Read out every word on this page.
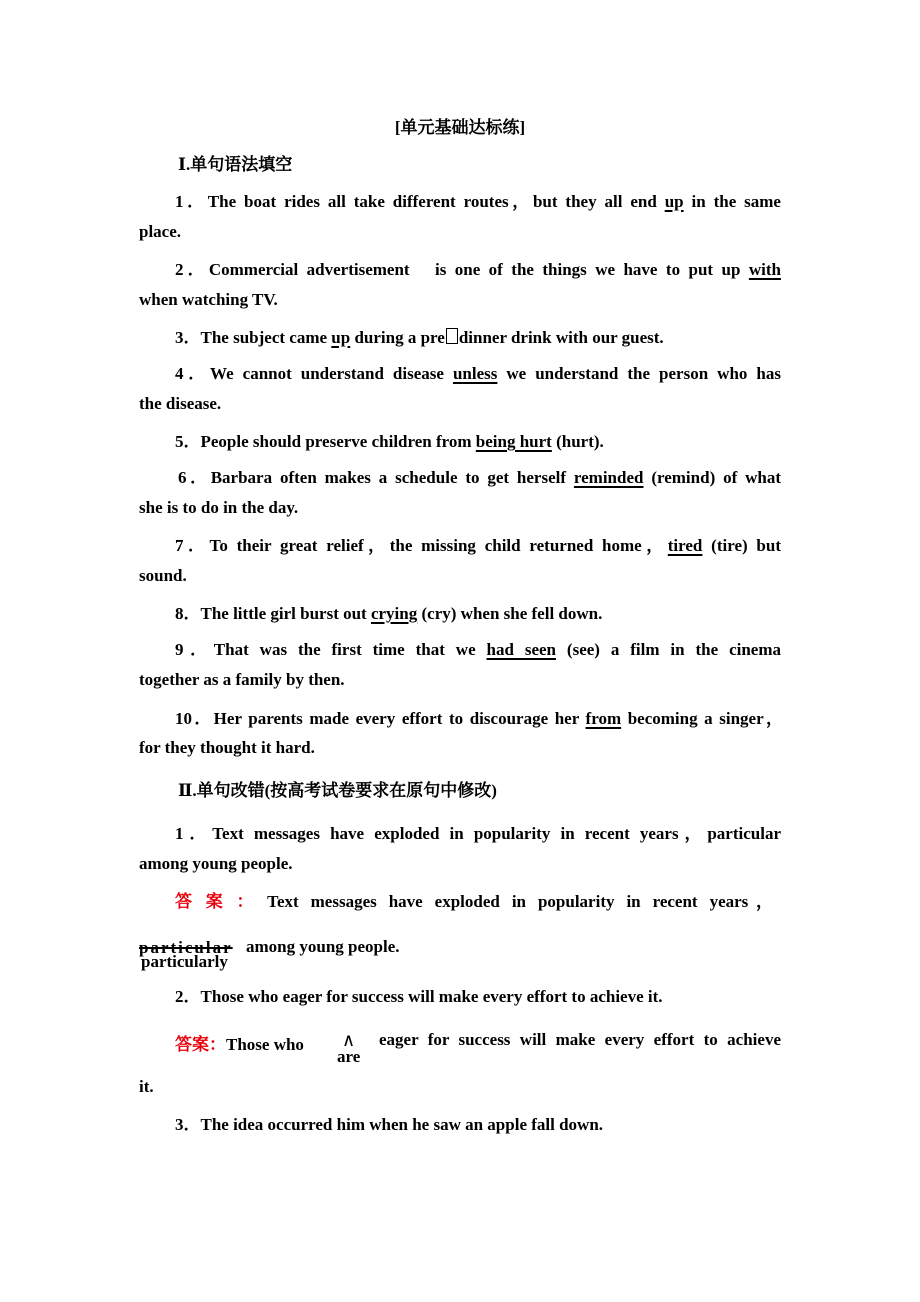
[单元基础达标练]
Ⅰ.单句语法填空
1．The boat rides all take different routes，but they all end up in the same
place.
2．Commercial advertisement　is one of the things we have to put up with
when watching TV.
3．The subject came up during a pre dinner drink with our guest.
4．We cannot understand disease unless we understand the person who has
the disease.
5．People should preserve children from being hurt (hurt).
6．Barbara often makes a schedule to get herself reminded (remind) of what
she is to do in the day.
7．To their great relief，the missing child returned home，tired (tire) but
sound.
8．The little girl burst out crying (cry) when she fell down.
9．That was the first time that we had seen (see) a film in the cinema
together as a family by then.
10．Her parents made every effort to discourage her from becoming a singer，
for they thought it hard.
Ⅱ.单句改错(按高考试卷要求在原句中修改)
1．Text messages have exploded in popularity in recent years，particular
among young people.
答案：Text messages have exploded in popularity in recent years，
particular
particularly
among young people.
2．Those who eager for success will make every effort to achieve it.
答案：Those who	∧
are
eager for success will make every effort to achieve
it.
3．The idea occurred him when he saw an apple fall down.
